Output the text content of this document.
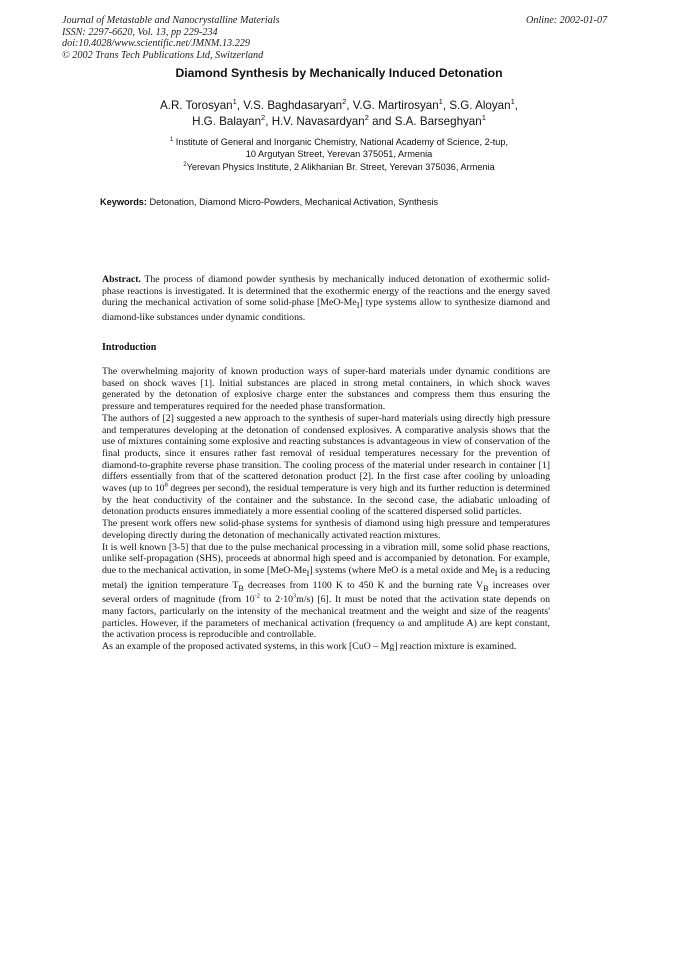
Journal of Metastable and Nanocrystalline Materials
ISSN: 2297-6620, Vol. 13, pp 229-234
doi:10.4028/www.scientific.net/JMNM.13.229
© 2002 Trans Tech Publications Ltd, Switzerland
Online: 2002-01-07
Diamond Synthesis by Mechanically Induced Detonation
A.R. Torosyan$^1$, V.S. Baghdasaryan$^2$, V.G. Martirosyan$^1$, S.G. Aloyan$^1$,
H.G. Balayan$^2$, H.V. Navasardyan$^2$ and S.A. Barseghyan$^1$
$^1$ Institute of General and Inorganic Chemistry, National Academy of Science, 2-tup,
10 Argutyan Street, Yerevan 375051, Armenia
$^2$Yerevan Physics Institute, 2 Alikhanian Br. Street, Yerevan 375036, Armenia
Keywords: Detonation, Diamond Micro-Powders, Mechanical Activation, Synthesis
Abstract. The process of diamond powder synthesis by mechanically induced detonation of exothermic solid-phase reactions is investigated. It is determined that the exothermic energy of the reactions and the energy saved during the mechanical activation of some solid-phase $[MeO-Me_I]$ type systems allow to synthesize diamond and diamond-like substances under dynamic conditions.
Introduction

The overwhelming majority of known production ways of super-hard materials under dynamic conditions are based on shock waves [1]. Initial substances are placed in strong metal containers, in which shock waves generated by the detonation of explosive charge enter the substances and compress them thus ensuring the pressure and temperatures required for the needed phase transformation.

The authors of [2] suggested a new approach to the synthesis of super-hard materials using directly high pressure and temperatures developing at the detonation of condensed explosives. A comparative analysis shows that the use of mixtures containing some explosive and reacting substances is advantageous in view of conservation of the final products, since it ensures rather fast removal of residual temperatures necessary for the prevention of diamond-to-graphite reverse phase transition. The cooling process of the material under research in container [1] differs essentially from that of the scattered detonation product [2]. In the first case after cooling by unloading waves (up to $10^8$ degrees per second), the residual temperature is very high and its further reduction is determined by the heat conductivity of the container and the substance. In the second case, the adiabatic unloading of detonation products ensures immediately a more essential cooling of the scattered dispersed solid particles.

The present work offers new solid-phase systems for synthesis of diamond using high pressure and temperatures developing directly during the detonation of mechanically activated reaction mixtures.

It is well known [3-5] that due to the pulse mechanical processing in a vibration mill, some solid phase reactions, unlike self-propagation (SHS), proceeds at abnormal high speed and is accompanied by detonation. For example, due to the mechanical activation, in some $[MeO-Me_I]$ systems (where MeO is a metal oxide and $Me_I$ is a reducing metal) the ignition temperature $T_B$ decreases from 1100 K to 450 K and the burning rate $V_B$ increases over several orders of magnitude (from $10^{-2}$ to $2\cdot 10^3m/s$) [6]. It must be noted that the activation state depends on many factors, particularly on the intensity of the mechanical treatment and the weight and size of the reagents' particles. However, if the parameters of mechanical activation (frequency ω and amplitude A) are kept constant, the activation process is reproducible and controllable.

As an example of the proposed activated systems, in this work [CuO – Mg] reaction mixture is examined.
